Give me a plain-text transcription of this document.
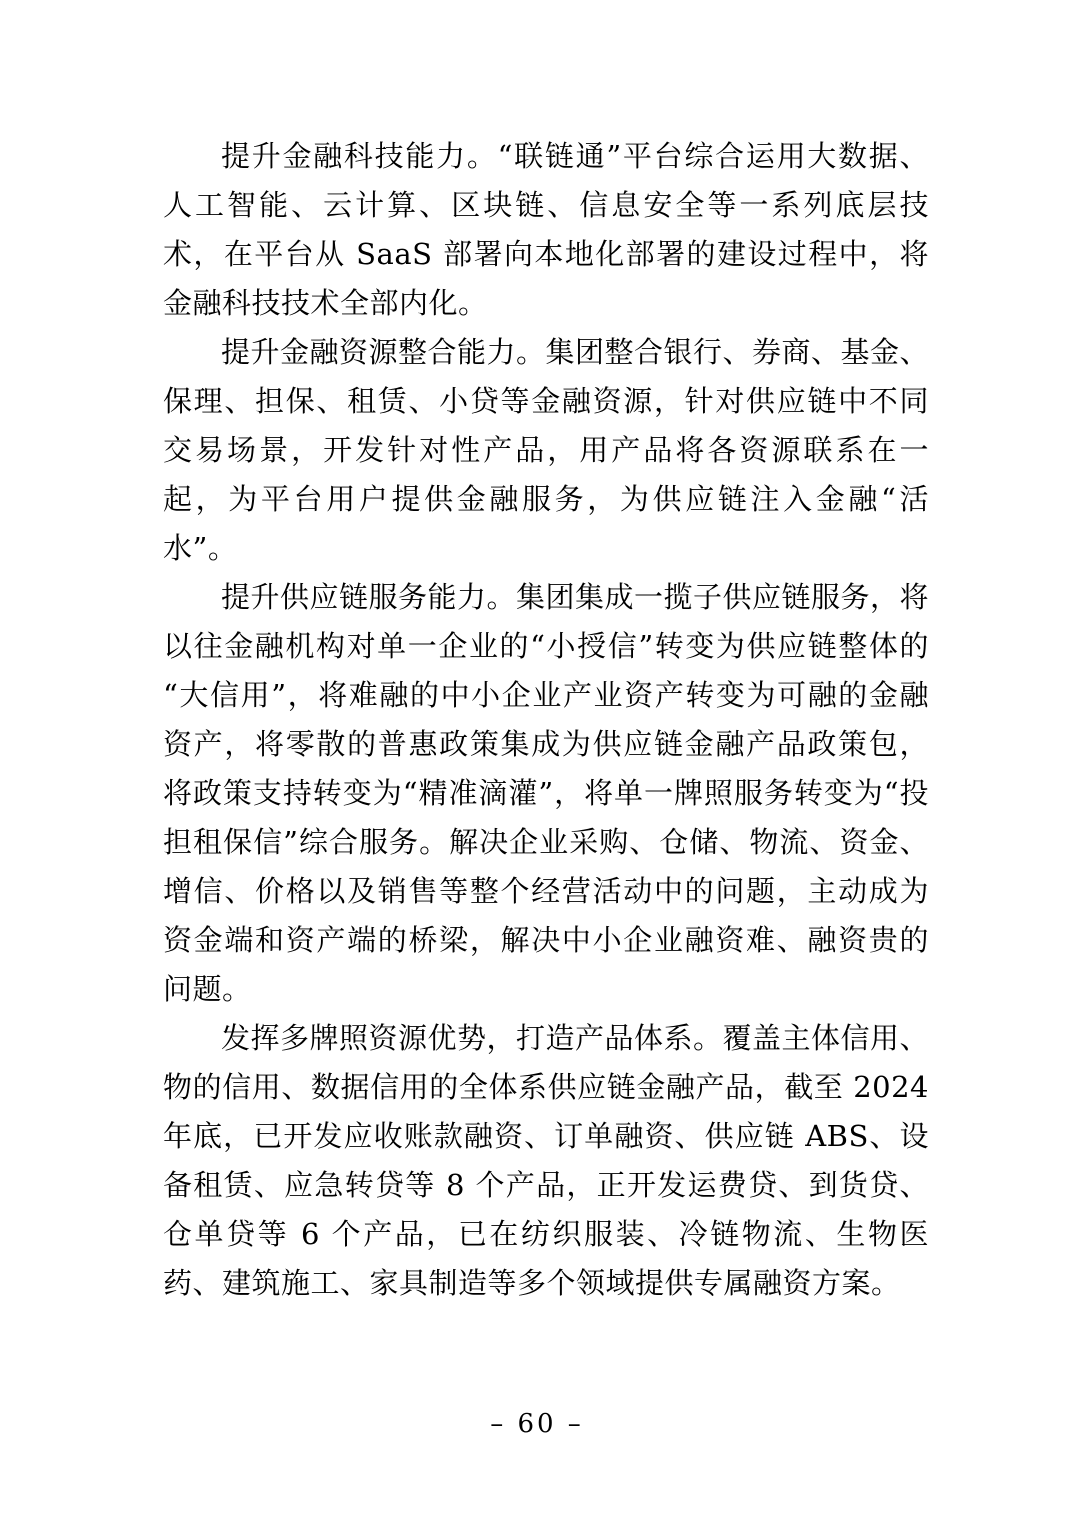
提升金融科技能力。“联链通”平台综合运用大数据、人工智能、云计算、区块链、信息安全等一系列底层技术，在平台从 SaaS 部署向本地化部署的建设过程中，将金融科技技术全部内化。

提升金融资源整合能力。集团整合银行、券商、基金、保理、担保、租赁、小贷等金融资源，针对供应链中不同交易场景，开发针对性产品，用产品将各资源联系在一起，为平台用户提供金融服务，为供应链注入金融“活水”。

提升供应链服务能力。集团集成一揽子供应链服务，将以往金融机构对单一企业的“小授信”转变为供应链整体的“大信用”，将难融的中小企业产业资产转变为可融的金融资产，将零散的普惠政策集成为供应链金融产品政策包，将政策支持转变为“精准滴灌”，将单一牌照服务转变为“投担租保信”综合服务。解决企业采购、仓储、物流、资金、增信、价格以及销售等整个经营活动中的问题，主动成为资金端和资产端的桥梁，解决中小企业融资难、融资贵的问题。

发挥多牌照资源优势，打造产品体系。覆盖主体信用、物的信用、数据信用的全体系供应链金融产品，截至 2024 年底，已开发应收账款融资、订单融资、供应链 ABS、设备租赁、应急转贷等 8 个产品，正开发运费贷、到货贷、仓单贷等 6 个产品，已在纺织服装、冷链物流、生物医药、建筑施工、家具制造等多个领域提供专属融资方案。

– 60 –
